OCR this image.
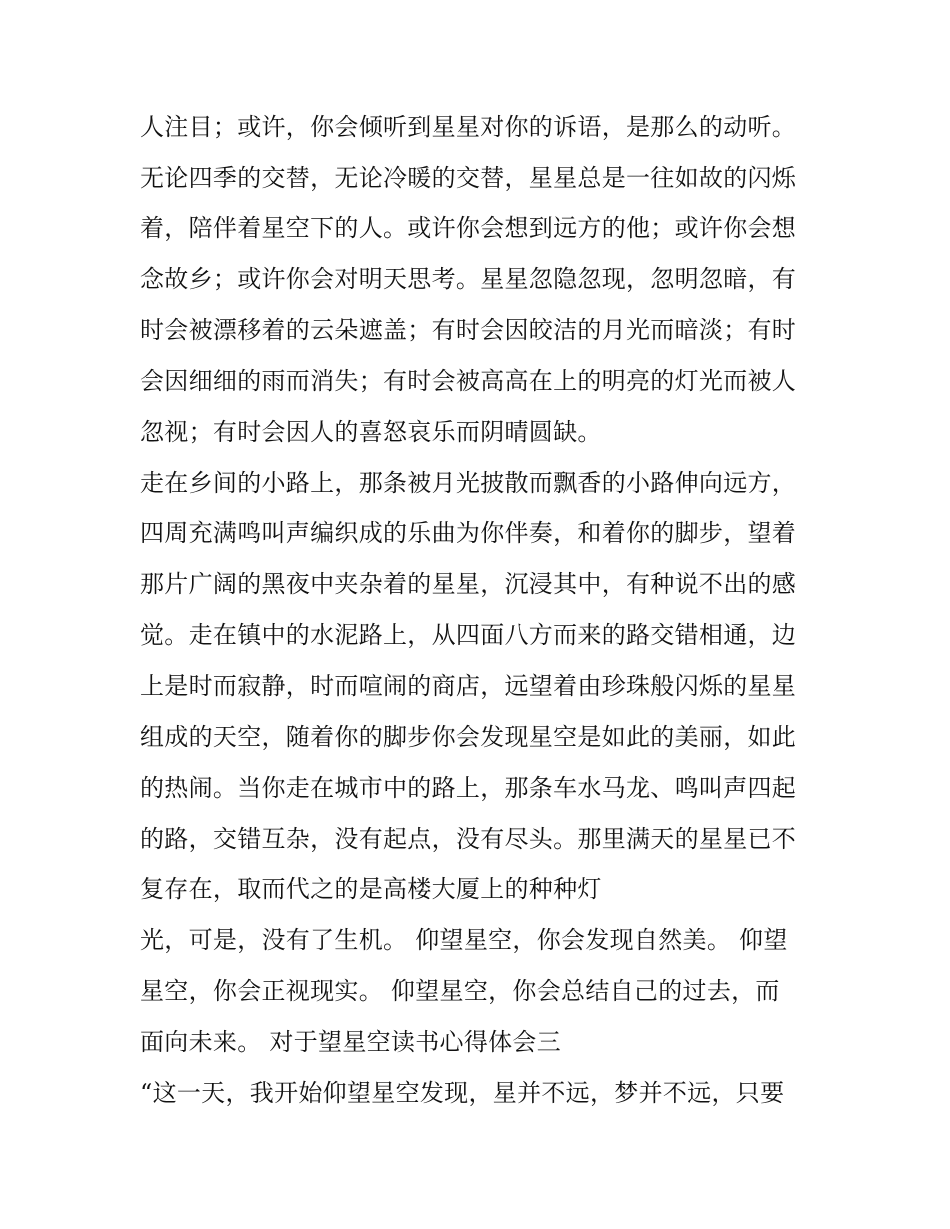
人注目；或许，你会倾听到星星对你的诉语，是那么的动听。
无论四季的交替，无论冷暖的交替，星星总是一往如故的闪烁
着，陪伴着星空下的人。或许你会想到远方的他；或许你会想
念故乡；或许你会对明天思考。星星忽隐忽现，忽明忽暗，有
时会被漂移着的云朵遮盖；有时会因皎洁的月光而暗淡；有时
会因细细的雨而消失；有时会被高高在上的明亮的灯光而被人
忽视；有时会因人的喜怒哀乐而阴晴圆缺。
走在乡间的小路上，那条被月光披散而飘香的小路伸向远方，
四周充满鸣叫声编织成的乐曲为你伴奏，和着你的脚步，望着
那片广阔的黑夜中夹杂着的星星，沉浸其中，有种说不出的感
觉。走在镇中的水泥路上，从四面八方而来的路交错相通，边
上是时而寂静，时而喧闹的商店，远望着由珍珠般闪烁的星星
组成的天空，随着你的脚步你会发现星空是如此的美丽，如此
的热闹。当你走在城市中的路上，那条车水马龙、鸣叫声四起
的路，交错互杂，没有起点，没有尽头。那里满天的星星已不
复存在，取而代之的是高楼大厦上的种种灯
光，可是，没有了生机。 仰望星空，你会发现自然美。 仰望
星空，你会正视现实。 仰望星空，你会总结自己的过去，而
面向未来。 对于望星空读书心得体会三
“这一天，我开始仰望星空发现，星并不远，梦并不远，只要
